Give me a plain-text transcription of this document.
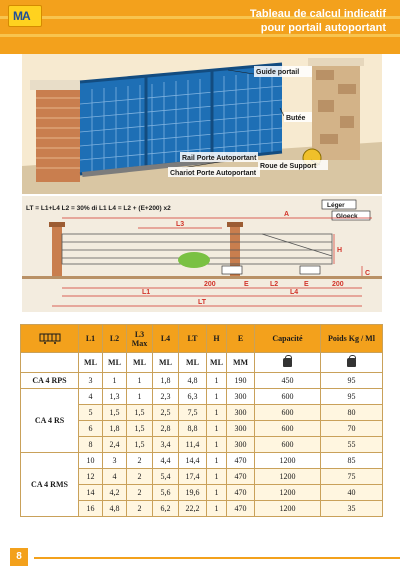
MA	Tableau de calcul indicatif
pour portail autoportant
Guide portail
Butée
Rail Porte Autoportant
Roue de Support
Chariot Porte Autoportant
LT = L1+L4 L2 = 30% di L1 L4 = L2 + (E+200) x2	Léger
Gloeck
A
L3
H
C
200	E	L2	E	200
L1	L4
LT
	L1	L2	L3 Max	L4	LT	H	E	Capacité	Poids Kg / Ml
	ML	ML	ML	ML	ML	ML	MM		
CA 4 RPS	3	1	1	1,8	4,8	1	190	450	95
CA 4 RS	4	1,3	1	2,3	6,3	1	300	600	95
	5	1,5	1,5	2,5	7,5	1	300	600	80
	6	1,8	1,5	2,8	8,8	1	300	600	70
	8	2,4	1,5	3,4	11,4	1	300	600	55
CA 4 RMS	10	3	2	4,4	14,4	1	470	1200	85
	12	4	2	5,4	17,4	1	470	1200	75
	14	4,2	2	5,6	19,6	1	470	1200	40
	16	4,8	2	6,2	22,2	1	470	1200	35
8
